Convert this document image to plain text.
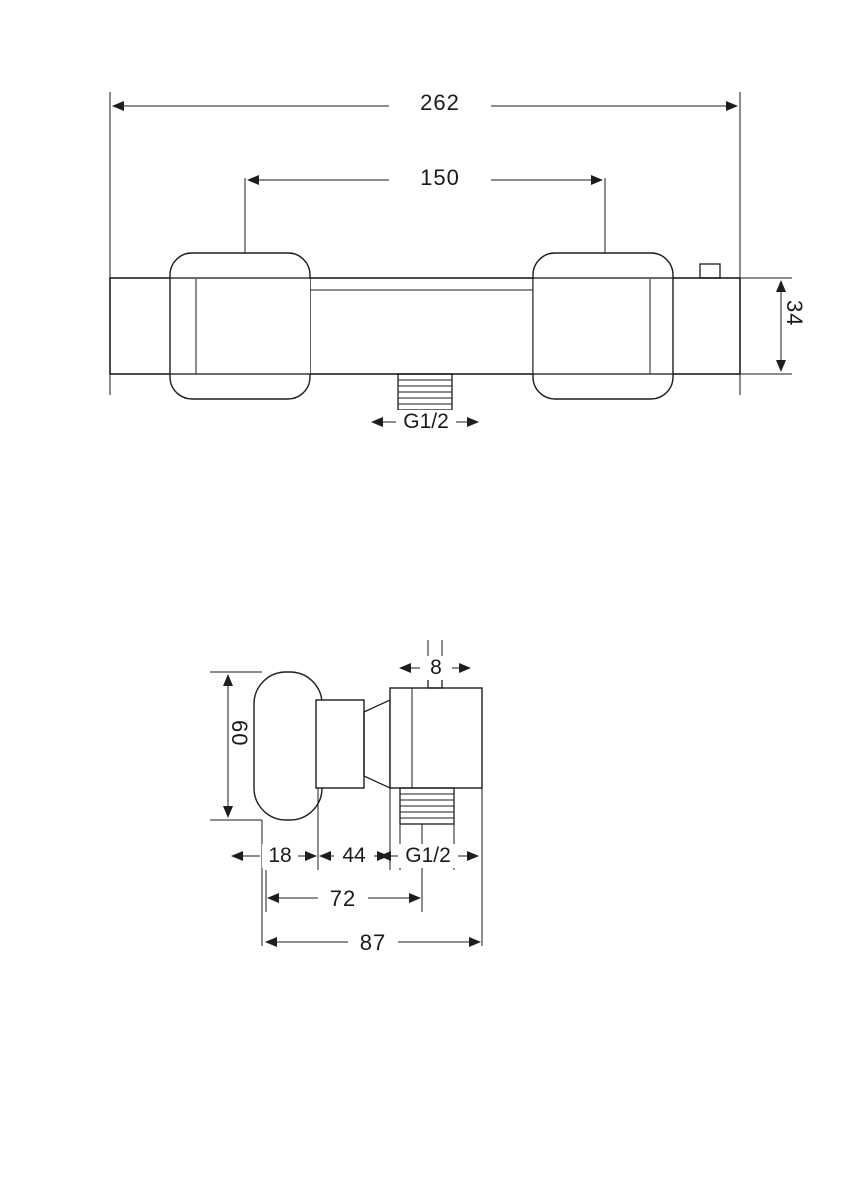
262
150
34
G1/2
60
8
18	44	G1/2
72
87
